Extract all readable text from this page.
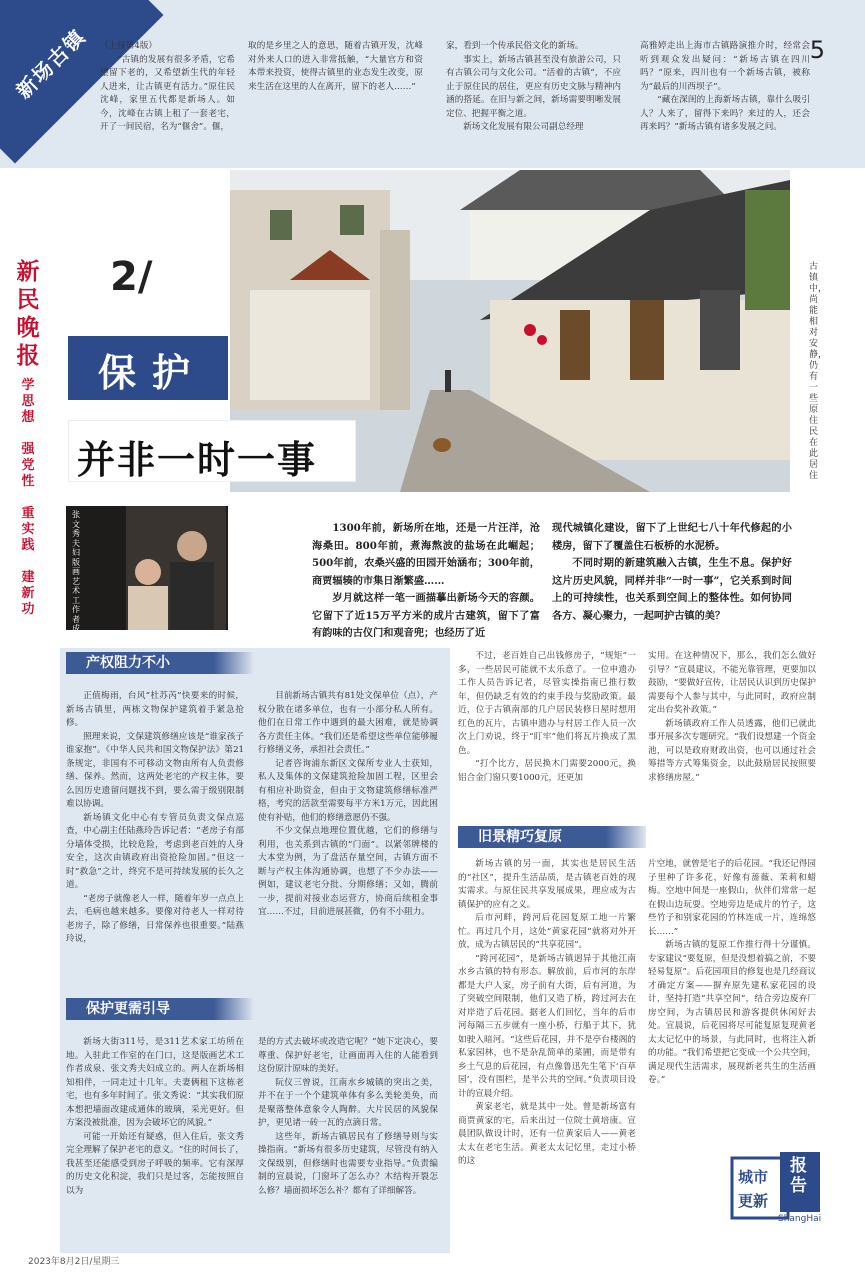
新场古镇	5

（上接第4版）

“古镇的发展有很多矛盾，它希望留下老的，又希望新生代的年轻人进来，让古镇更有活力。”原住民沈峰，家里五代都是新场人。如今，沈峰在古镇上租了一套老宅，开了一间民宿，名为“偃舍”。偃，

取的是乡里之人的意思，随着古镇开发，沈峰对外来人口的进入非常抵触，“大量官方和资本带来投资，使得古镇里的业态发生改变，原来生活在这里的人在离开，留下的老人……”

家，看到一个传承民俗文化的新场。

事实上，新场古镇甚至没有旅游公司，只有古镇公司与文化公司。“活着的古镇”，不应止于原住民的居住，更应有历史文脉与精神内涵的搭延。在旧与新之间，新场需要明晰发展定位、把握平衡之道。

新场文化发展有限公司副总经理

高雅婷走出上海市古镇路演推介时，经常会听到观众发出疑问：“新场古镇在四川吗？”原来，四川也有一个新场古镇，被称为“最后的川西坝子”。

“藏在深闺的上海新场古镇，靠什么吸引人？人来了，留得下来吗？来过的人，还会再来吗？”新场古镇有诸多发展之问。

新
民
晚
报
学
思
想

强
党
性

重
实
践

建
新
功
古镇中，尚能相对安静，仍有一些原住民在此居住
2/
保护
并非一时一事
张文秀夫妇 版画艺术工作者 成泉

1300年前，新场所在地，还是一片汪洋，沧海桑田。800年前，煮海熬波的盐场在此崛起；500年前，农桑兴盛的田园开始涵布；300年前，商贾辐辏的市集日渐繁盛……

岁月就这样一笔一画描摹出新场今天的容颜。它留下了近15万平方米的成片古建筑，留下了富有韵味的古仪门和观音兜；也经历了近

现代城镇化建设，留下了上世纪七八十年代修起的小楼房，留下了覆盖住石板桥的水泥桥。

不同时期的新建筑融入古镇，生生不息。保护好这片历史风貌，同样并非“一时一事”，它关系到时间上的可持续性，也关系到空间上的整体性。如何协同各方、凝心聚力，一起呵护古镇的美？

产权阻力不小
保护更需引导
旧景精巧复原

正值梅雨，台风“杜苏芮”快要来的时候，新场古镇里，两栋文物保护建筑着手紧急抢修。

照理来说，文保建筑修缮应该是“谁家孩子谁家抱”。《中华人民共和国文物保护法》第21条规定，非国有不可移动文物由所有人负责修缮、保养。然而，这两处老宅的产权主体，要么因历史遗留问题找不到，要么需于级别限制难以协调。

新场镇文化中心有专管员负责文保点巡查，中心副主任陆燕玲告诉记者：“老房子有部分墙体受损，比较危险，考虑到老百姓的人身安全，这次由镇政府出资抢险加固。”但这一时“救急”之计，终究不是可持续发展的长久之道。

“老房子就像老人一样，随着年岁一点点上去，毛病也越来越多。要像对待老人一样对待老房子，除了修缮，日常保养也很重要。”陆燕玲说，

目前新场古镇共有81处文保单位（点），产权分散在诸多单位，也有一小部分私人所有。他们在日常工作中遇到的最大困难，就是协调各方责任主体。“我们还是希望这些单位能够履行修缮义务，承担社会责任。”

记者咨询浦东新区文保所专业人士获知，私人及集体的文保建筑抢险加固工程，区里会有相应补助资金，但由于文物建筑修缮标准严格，考究的活款至需要每平方米1万元，因此困使有补贴，他们的修缮意愿仍不强。

不少文保点地理位置优越，它们的修缮与利用，也关系到古镇的“门面”。以紧邻牌楼的大本堂为例，为了盘活存量空间，古镇方面不断与产权主体沟通协调，也想了不少办法——例如，建议老宅分批、分期修缮；又如，腾前一步，提前对接业态运营方，协商后续租金事宜……不过，目前进展甚微，仍有不小阻力。

不过，老百姓自己出钱修房子，“规矩”一多，一些居民可能就不太乐意了。一位申遗办工作人员告诉记者，尽管实操指南已推行数年，但仍缺乏有效的约束手段与奖励政策。最近，位于古镇南部的几户居民装修日屋时想用红色的瓦片，古镇申遗办与村居工作人员一次次上门劝说，终于“盯牢”他们将瓦片换成了黑色。

“打个比方，居民换木门需要2000元，换铝合金门窗只要1000元，还更加

实用。在这种情况下，那么，我们怎么做好引导？”宣晨建议，不能光靠管理，更要加以鼓励，“要做好宣传，让居民认识到历史保护需要每个人参与其中，与此同时，政府应制定出台奖补政策。”

新场镇政府工作人员透露，他们已就此事开展多次专题研究。“我们设想建一个资金池，可以是政府财政出资，也可以通过社会筹措等方式筹集资金，以此鼓励居民按照要求修缮房屋。”

新场大街311号，是311艺术家工坊所在地。入驻此工作室的在门口，这是版画艺术工作者成泉、张文秀夫妇成立的。两人在新场相知相伴，一同走过十几年。夫妻俩租下这栋老宅，也有多年时间了。张文秀说：“其实我们原本想把墙面改建成通体的玻璃，采光更好。但方案没被批准，因为会破坏它的风貌。”

可能一开始还有疑惑，但入住后，张文秀完全理解了保护老宅的意义。“住的时间长了，我甚至还能感受到房子呼吸的频率。它有深厚的历史文化积淀，我们只是过客，怎能按照自以为

是的方式去破坏或改造它呢？”她下定决心，要尊重、保护好老宅，让画面再入住的人能看到这份原汁原味的美好。

阮仪三曾说，江南水乡城镇的突出之美，并不在于一个个建筑单体有多么美轮美奂，而是聚落整体意象令人陶醉。大片民居的风貌保护，更见诸一砖一瓦的点滴日常。

这些年，新场古镇居民有了修缮导则与实操指南。“新场有很多历史建筑，尽管没有纳入文保级别，但修缮时也需要专业指导。”负责编制的宣晨说，门窗坏了怎么办？木结构开裂怎么修？墙面损坏怎么补？都有了详细解答。

新场古镇的另一面，其实也是居民生活的“社区”，提升生活品质，是古镇老百姓的现实需求。与原住民共享发展成果，理应成为古镇保护的应有之义。

后市河畔，跨河后花园复原工地一片繁忙。再过几个月，这处“黄家花园”就将对外开放，成为古镇居民的“共享花园”。

“跨河花园”，是新场古镇迥异于其他江南水乡古镇的特有形态。解放前，后市河的东岸都是大户人家，房子前有大街，后有河道，为了突破空间限制，他们又造了桥，跨过河去在对岸造了后花园。据老人们回忆，当年的后市河每隔三五步就有一座小桥，行船于其下，犹如驶入暗河。“这些后花园，并不是亭台楼阁的私家园林，也不是杂乱简单的菜圃，而是带有乡土气息的后花园，有点像鲁迅先生笔下‘百草园’，没有围栏，是半公共的空间。”负责项目设计的宣晨介绍。

黄家老宅，就是其中一处。曾是新场富有商贾黄家的宅，后来出过一位院士黄培康。宣晨团队做设计时，还有一位黄家后人——黄老太太在老宅生活。黄老太太记忆里，走过小桥的这

片空地，就曾是宅子的后花园。“我还记得园子里种了许多花，好像有蔷薇、茉莉和蜡梅。空地中间是一座假山，伙伴们常常一起在假山边玩耍。空地旁边是成片的竹子，这些竹子和别家花园的竹林连成一片，连绵悠长……”

新场古镇的复原工作推行得十分谨慎。专家建议“要复原，但是没想着搞之前，不要轻易复原”。后花园项目的修复也是几经商议才确定方案——摒弃原先建私家花园的设计，坚持打造“共享空间”，结合旁边废弃厂房空间，为古镇居民和游客提供休闲好去处。宣晨说，后花园将尽可能复原复现黄老太太记忆中的场景，与此同时，也将注入新的功能。“我们希望把它变成一个公共空间，满足现代生活需求，展现新老共生的生活画卷。”

城市
更新
报告
ShangHai
2023年8月2日/星期三
